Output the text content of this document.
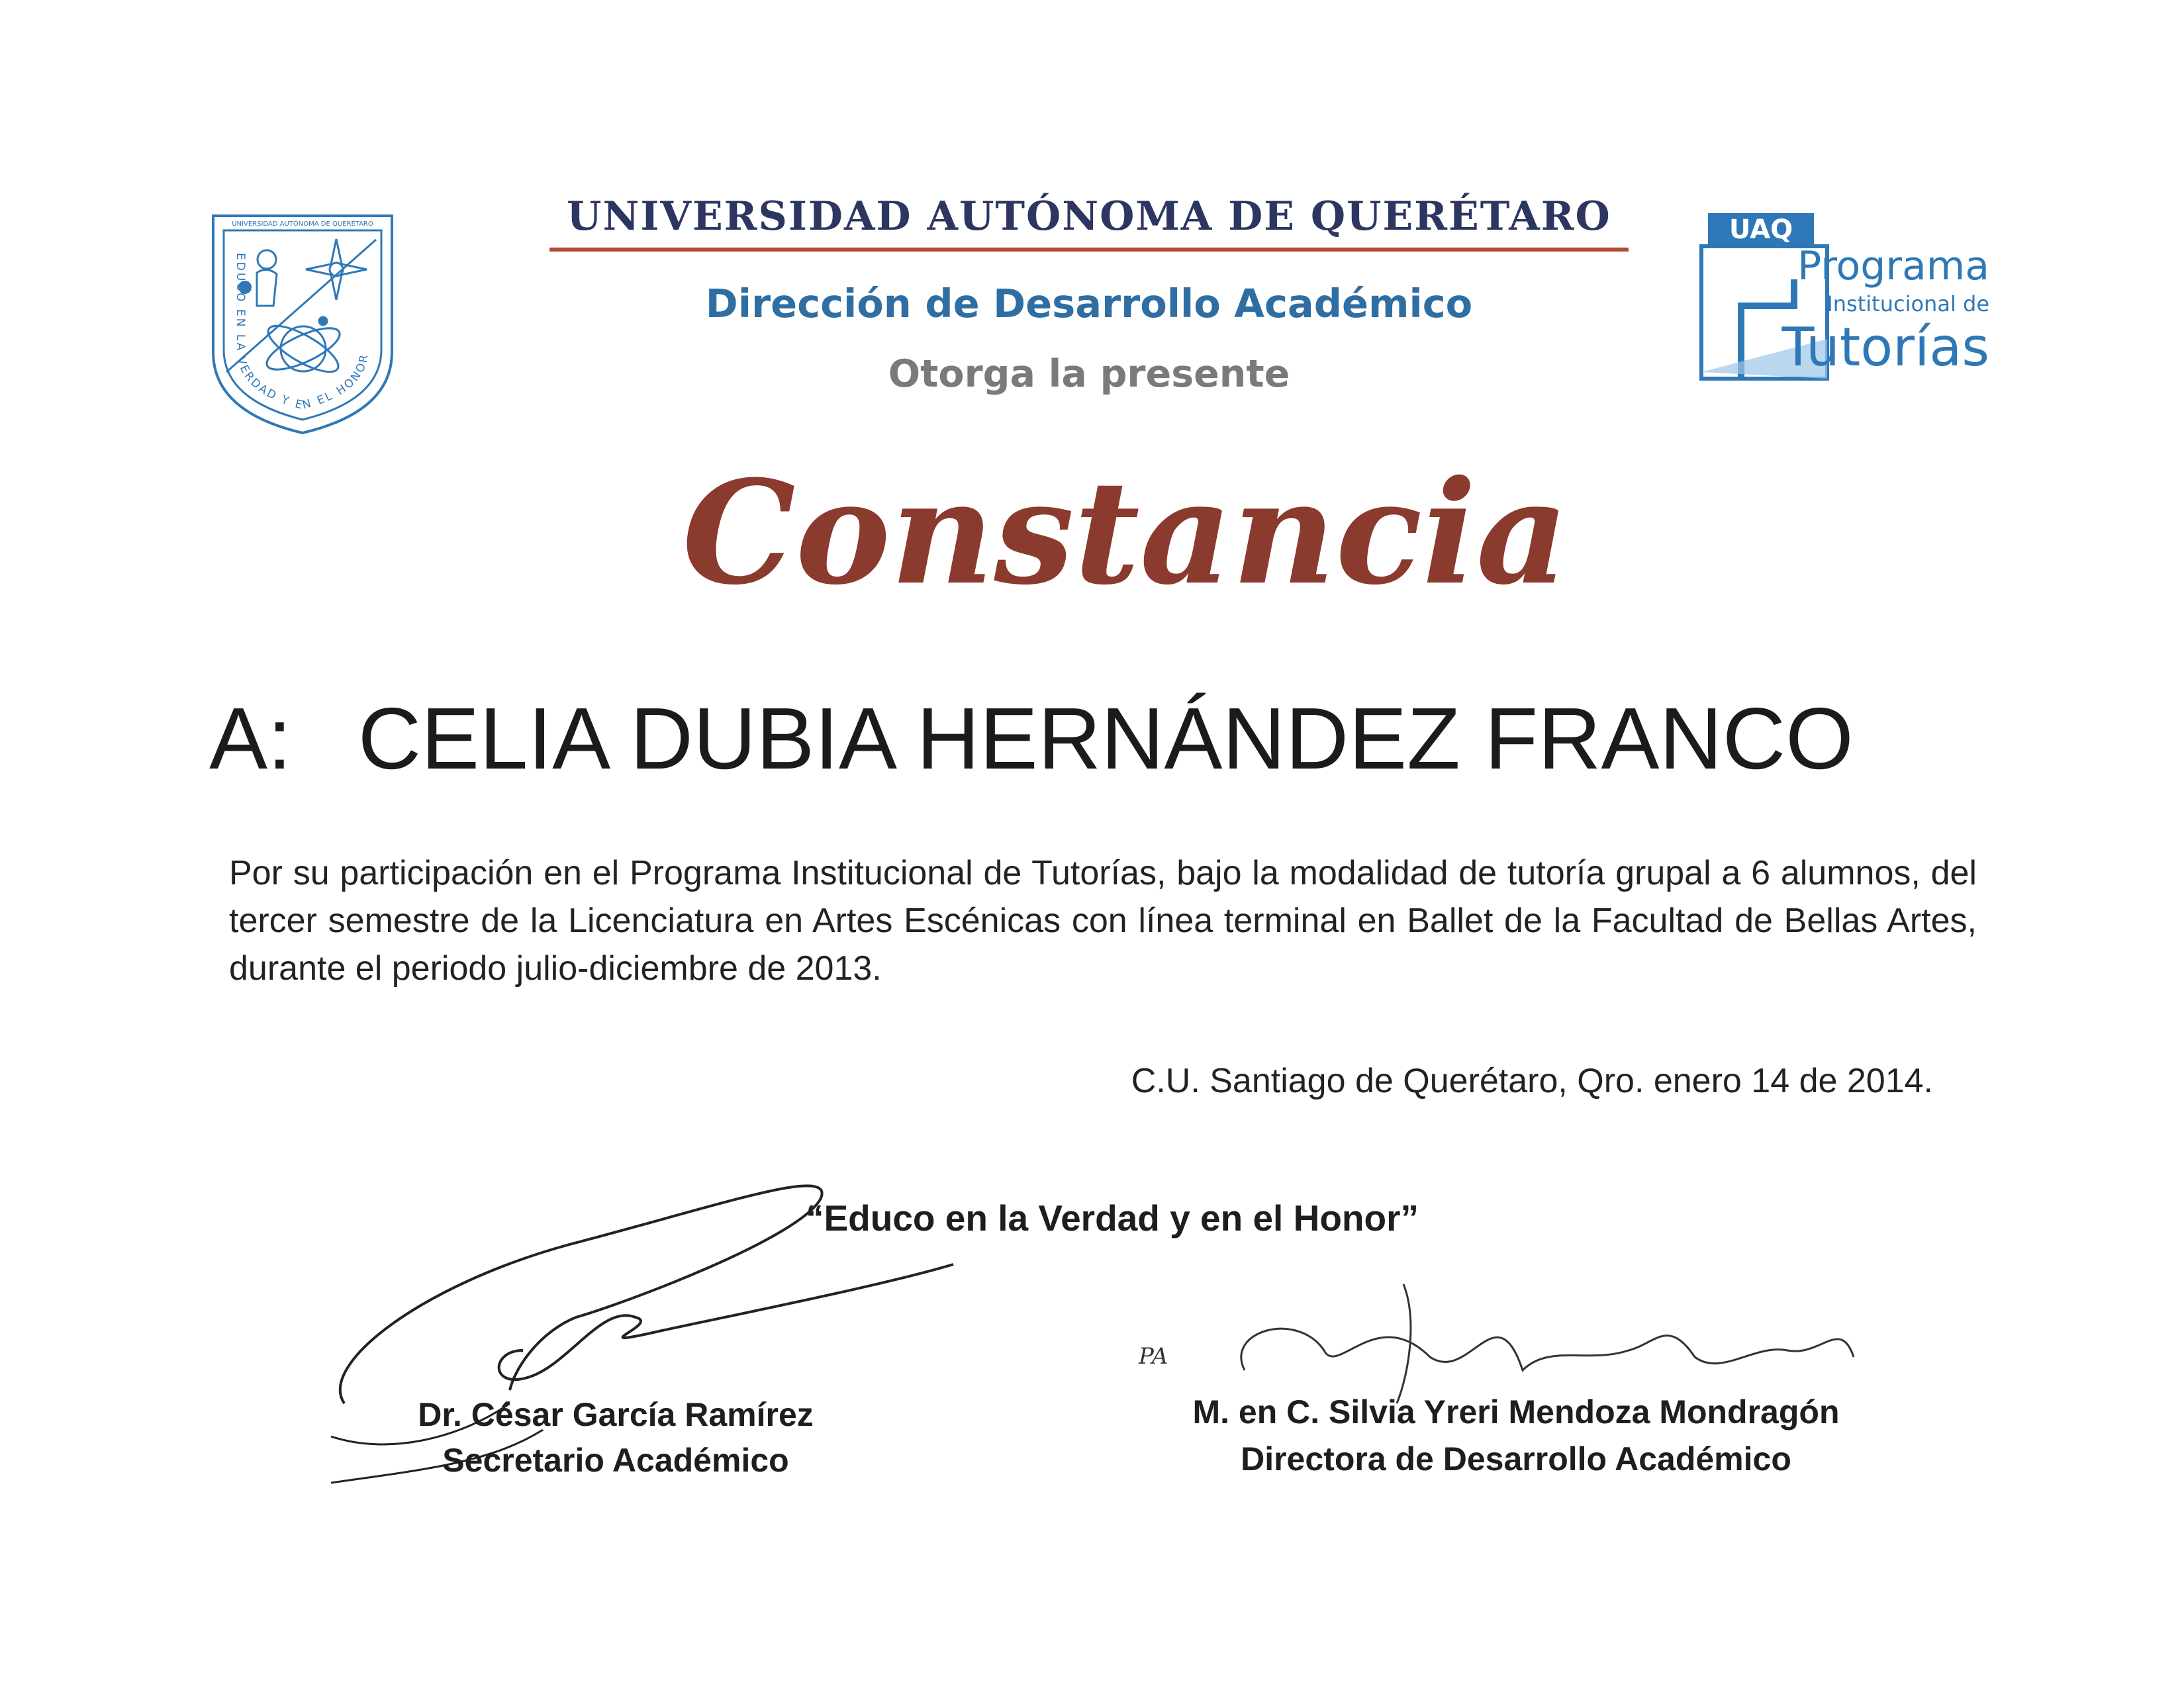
UNIVERSIDAD AUTÓNOMA DE QUERÉTARO
EDUCO EN LA VERDAD Y EN EL HONOR
UNIVERSIDAD AUTÓNOMA DE QUERÉTARO
Dirección de Desarrollo Académico
Otorga la presente
UAQ
Programa
Institucional de
Tutorías
Constancia
A: CELIA DUBIA HERNÁNDEZ FRANCO
Por su participación en el Programa Institucional de Tutorías, bajo la modalidad de tutoría grupal a 6 alumnos, del tercer semestre de la Licenciatura en Artes Escénicas con línea terminal en Ballet de la Facultad de Bellas Artes, durante el periodo julio-diciembre de 2013.
C.U. Santiago de Querétaro, Qro. enero 14 de 2014.
“Educo en la Verdad y en el Honor”
PA
Dr. César García Ramírez
Secretario Académico
M. en C. Silvia Yreri Mendoza Mondragón
Directora de Desarrollo Académico
